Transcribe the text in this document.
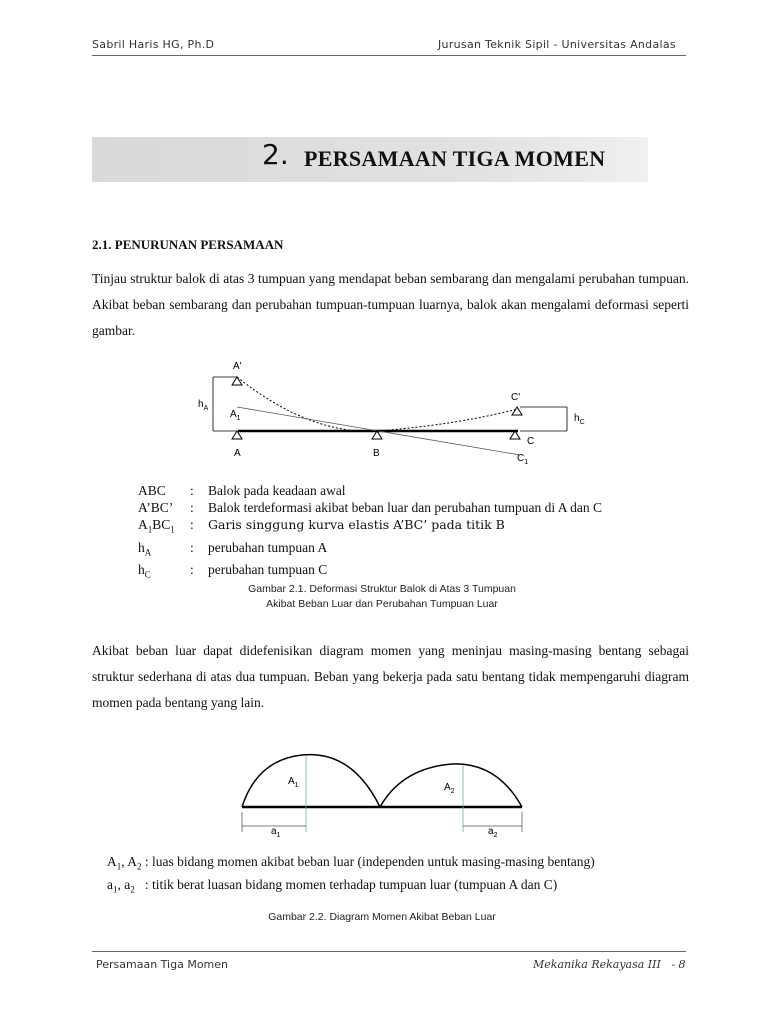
Sabril Haris HG, Ph.D	Jurusan Teknik Sipil - Universitas Andalas
2. PERSAMAAN TIGA MOMEN
2.1. PENURUNAN PERSAMAAN
Tinjau struktur balok di atas 3 tumpuan yang mendapat beban sembarang dan mengalami perubahan tumpuan. Akibat beban sembarang dan perubahan tumpuan-tumpuan luarnya, balok akan mengalami deformasi seperti gambar.
A'
$A_1$
$h_A$
C'
$h_C$
A	B
C
$C_1$
ABC	:	Balok pada keadaan awal
A’BC’	:	Balok terdeformasi akibat beban luar dan perubahan tumpuan di A dan C
$A_1BC_1$	:	Garis singgung kurva elastis A’BC’ pada titik B
$h_A$	:	perubahan tumpuan A
$h_C$	:	perubahan tumpuan C
Gambar 2.1. Deformasi Struktur Balok di Atas 3 Tumpuan
Akibat Beban Luar dan Perubahan Tumpuan Luar
Akibat beban luar dapat didefenisikan diagram momen yang meninjau masing-masing bentang sebagai struktur sederhana di atas dua tumpuan. Beban yang bekerja pada satu bentang tidak mempengaruhi diagram momen pada bentang yang lain.
$A_1$	$A_2$
$a_1$	$a_2$
$A_1$, $A_2$ : luas bidang momen akibat beban luar (independen untuk masing-masing bentang)
$a_1$, $a_2$   : titik berat luasan bidang momen terhadap tumpuan luar (tumpuan A dan C)
Gambar 2.2. Diagram Momen Akibat Beban Luar
Persamaan Tiga Momen	Mekanika Rekayasa III   - 8
